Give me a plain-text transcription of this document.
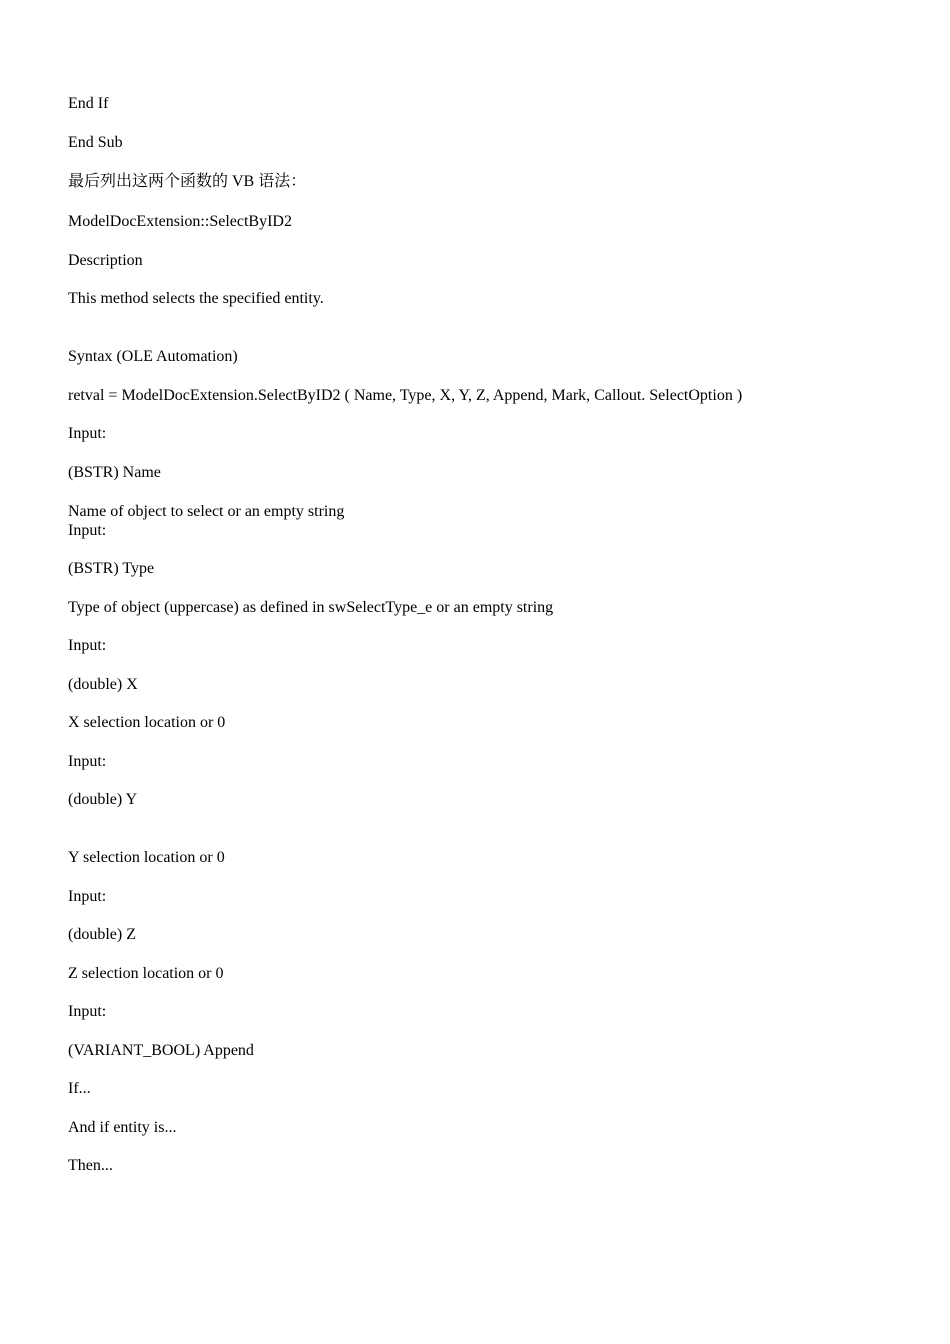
End If
End Sub
最后列出这两个函数的 VB 语法：
ModelDocExtension::SelectByID2
Description
This method selects the specified entity.
Syntax (OLE Automation)
retval = ModelDocExtension.SelectByID2 ( Name, Type, X, Y, Z, Append, Mark, Callout. SelectOption )
Input:
(BSTR) Name
Name of object to select or an empty string
Input:
(BSTR) Type
Type of object (uppercase) as defined in swSelectType_e or an empty string
Input:
(double) X
X selection location or 0
Input:
(double) Y
Y selection location or 0
Input:
(double) Z
Z selection location or 0
Input:
(VARIANT_BOOL) Append
If...
And if entity is...
Then...
